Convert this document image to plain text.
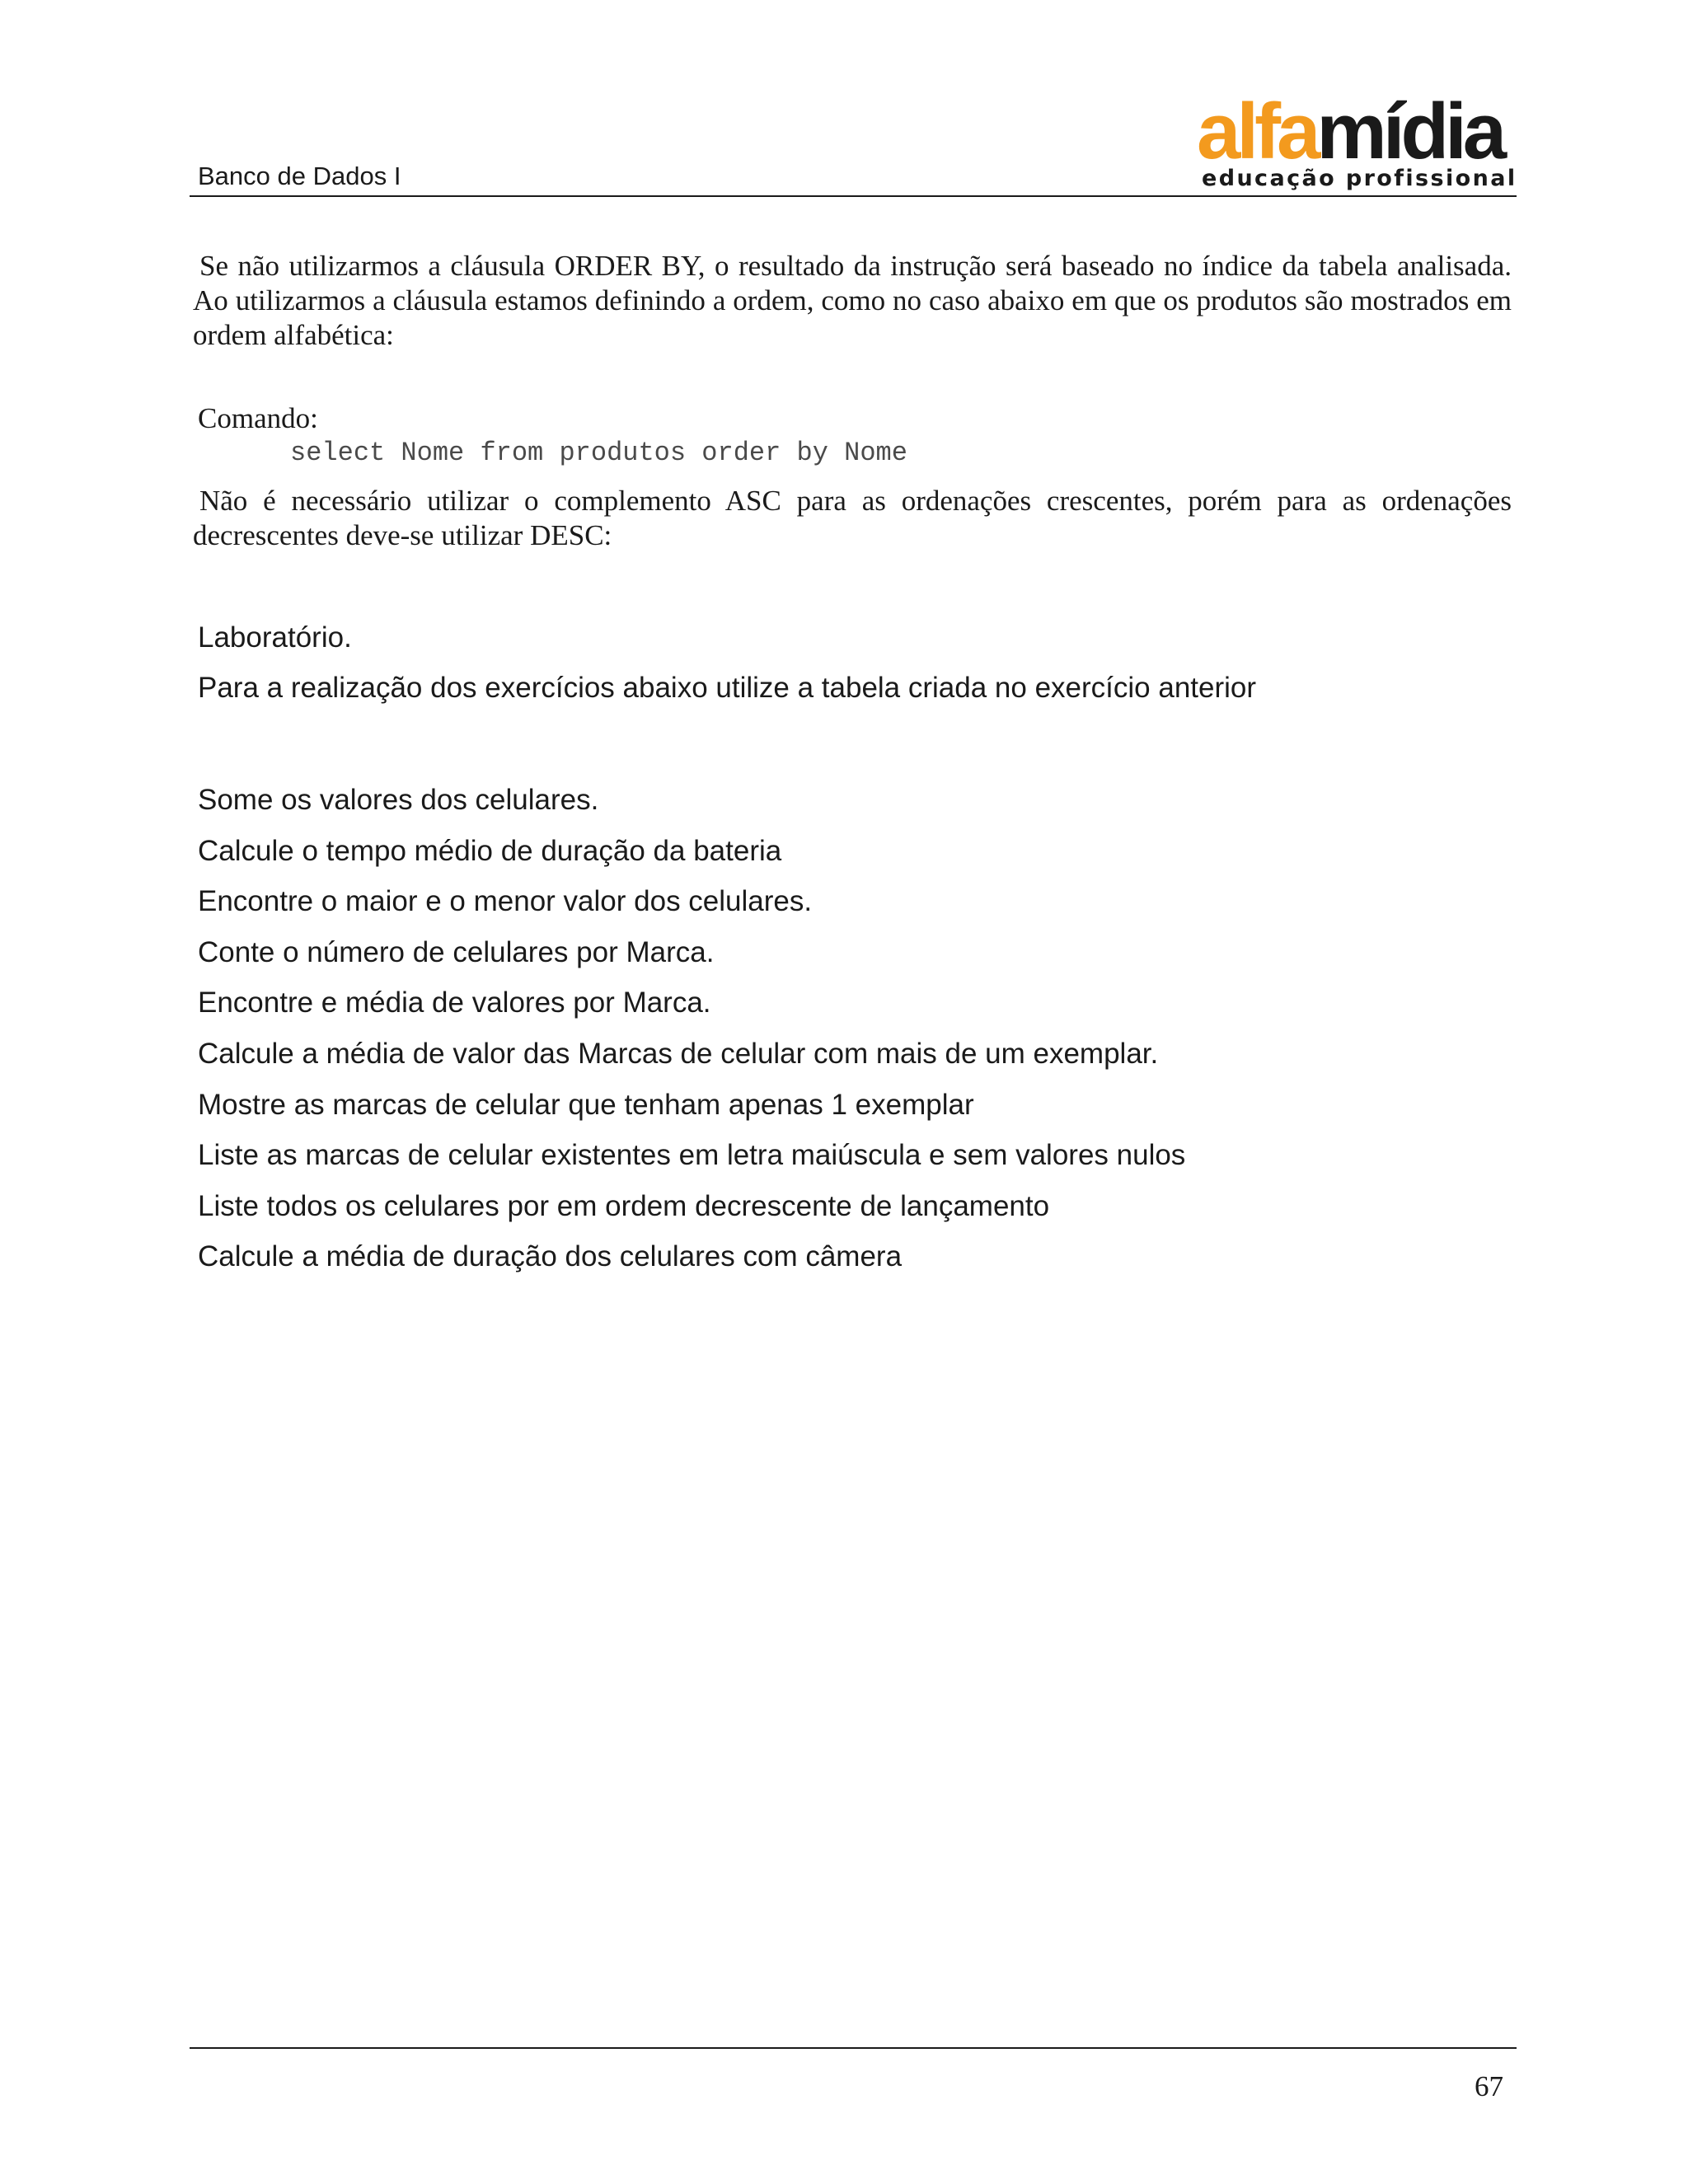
Banco de Dados I
alfamídia
educação profissional
Se não utilizarmos a cláusula ORDER BY, o resultado da instrução será baseado no índice da tabela analisada. Ao utilizarmos a cláusula estamos definindo a ordem, como no caso abaixo em que os produtos são mostrados em ordem alfabética:
Comando:
select Nome from produtos order by Nome
Não é necessário utilizar o complemento ASC para as ordenações crescentes, porém para as ordenações decrescentes deve-se utilizar DESC:
Laboratório.
Para a realização dos exercícios abaixo utilize a tabela criada no exercício anterior
Some os valores dos celulares.
Calcule o tempo médio de duração da bateria
Encontre o maior e o menor valor dos celulares.
Conte o número de celulares por Marca.
Encontre e média de valores por Marca.
Calcule a média de valor das Marcas de celular com mais de um exemplar.
Mostre as marcas de celular que tenham apenas 1 exemplar
Liste as marcas de celular existentes em letra maiúscula e sem valores nulos
Liste todos os celulares por em ordem decrescente de lançamento
Calcule a média de duração dos celulares com câmera
67
